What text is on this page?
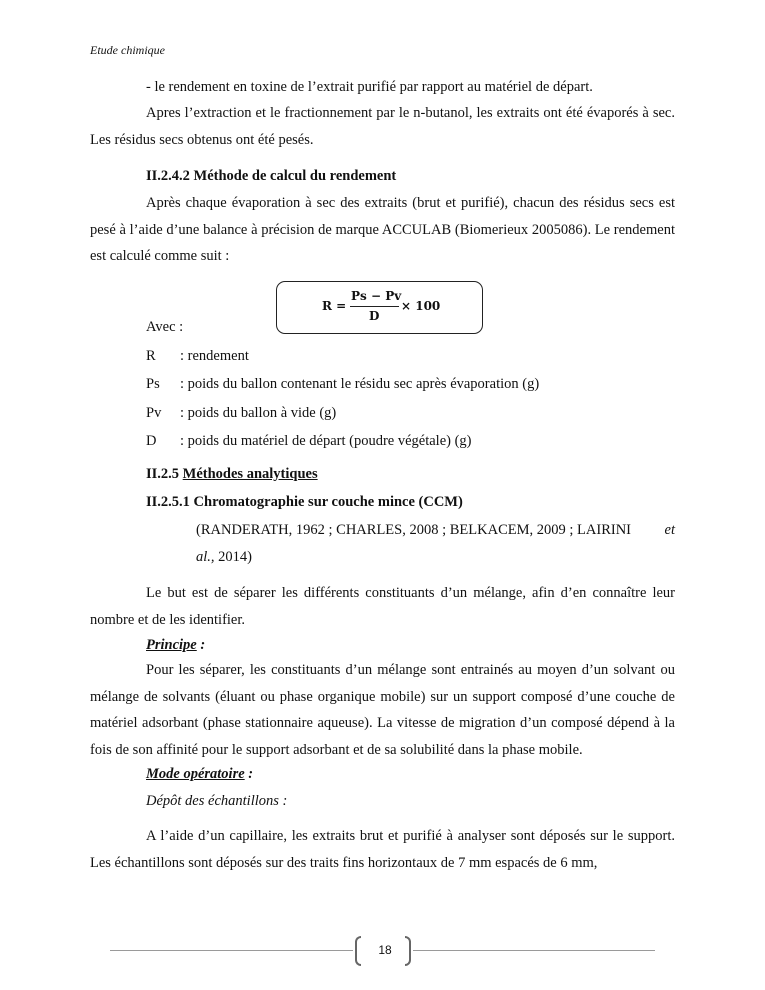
Etude chimique
- le rendement en toxine de l’extrait purifié par rapport au matériel de départ.
Apres l’extraction et le fractionnement par le n-butanol, les extraits ont été évaporés à sec. Les résidus secs obtenus ont été pesés.
II.2.4.2 Méthode de calcul du rendement
Après chaque évaporation à sec des extraits (brut et purifié), chacun des résidus secs est pesé à l’aide d’une balance à précision de marque ACCULAB (Biomerieux 2005086). Le rendement est calculé comme suit :
R =
Ps − Pv
D
× 100
Avec :
R : rendement
Ps : poids du ballon contenant le résidu sec après évaporation (g)
Pv : poids du ballon à vide (g)
D : poids du matériel de départ (poudre végétale) (g)
II.2.5 Méthodes analytiques
II.2.5.1 Chromatographie sur couche mince (CCM)
(RANDERATH, 1962 ; CHARLES, 2008 ; BELKACEM, 2009 ; LAIRINI et
al., 2014)
Le but est de séparer les différents constituants d’un mélange, afin d’en connaître leur nombre et de les identifier.
Principe :
Pour les séparer, les constituants d’un mélange sont entrainés au moyen d’un solvant ou mélange de solvants (éluant ou phase organique mobile) sur un support composé d’une couche de matériel adsorbant (phase stationnaire aqueuse). La vitesse de migration d’un composé dépend à la fois de son affinité pour le support adsorbant et de sa solubilité dans la phase mobile.
Mode opératoire :
Dépôt des échantillons :
A l’aide d’un capillaire, les extraits brut et purifié à analyser sont déposés sur le support. Les échantillons sont déposés sur des traits fins horizontaux de 7 mm espacés de 6 mm,
18
